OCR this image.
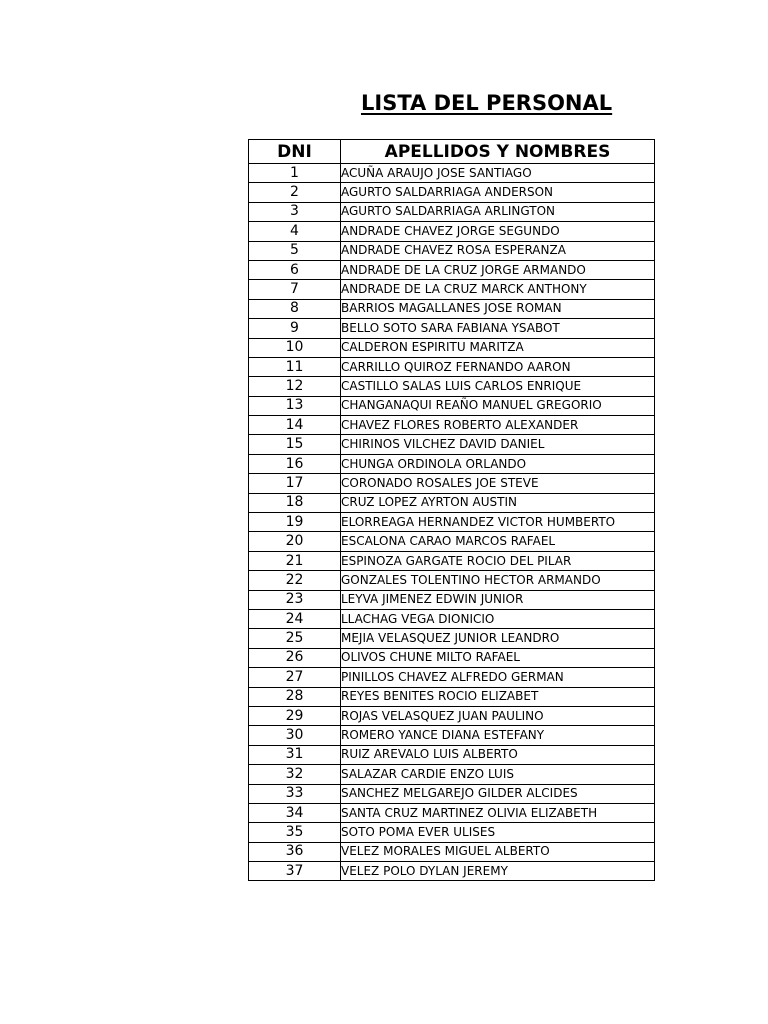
LISTA DEL PERSONAL
DNI	APELLIDOS Y NOMBRES
1	ACUÑA ARAUJO JOSE SANTIAGO
2	AGURTO SALDARRIAGA ANDERSON
3	AGURTO SALDARRIAGA ARLINGTON
4	ANDRADE CHAVEZ JORGE SEGUNDO
5	ANDRADE CHAVEZ ROSA ESPERANZA
6	ANDRADE DE LA CRUZ JORGE ARMANDO
7	ANDRADE DE LA CRUZ MARCK ANTHONY
8	BARRIOS MAGALLANES JOSE ROMAN
9	BELLO SOTO SARA FABIANA YSABOT
10	CALDERON ESPIRITU MARITZA
11	CARRILLO QUIROZ FERNANDO AARON
12	CASTILLO SALAS LUIS CARLOS ENRIQUE
13	CHANGANAQUI REAÑO MANUEL GREGORIO
14	CHAVEZ FLORES ROBERTO ALEXANDER
15	CHIRINOS VILCHEZ DAVID DANIEL
16	CHUNGA ORDINOLA ORLANDO
17	CORONADO ROSALES JOE STEVE
18	CRUZ LOPEZ AYRTON AUSTIN
19	ELORREAGA HERNANDEZ VICTOR HUMBERTO
20	ESCALONA CARAO MARCOS RAFAEL
21	ESPINOZA GARGATE ROCIO DEL PILAR
22	GONZALES TOLENTINO HECTOR ARMANDO
23	LEYVA JIMENEZ EDWIN JUNIOR
24	LLACHAG VEGA DIONICIO
25	MEJIA VELASQUEZ JUNIOR LEANDRO
26	OLIVOS CHUNE MILTO RAFAEL
27	PINILLOS CHAVEZ ALFREDO GERMAN
28	REYES BENITES ROCIO ELIZABET
29	ROJAS VELASQUEZ JUAN PAULINO
30	ROMERO YANCE DIANA ESTEFANY
31	RUIZ AREVALO LUIS ALBERTO
32	SALAZAR CARDIE ENZO LUIS
33	SANCHEZ MELGAREJO GILDER ALCIDES
34	SANTA CRUZ MARTINEZ OLIVIA ELIZABETH
35	SOTO POMA EVER ULISES
36	VELEZ MORALES MIGUEL ALBERTO
37	VELEZ POLO DYLAN JEREMY
